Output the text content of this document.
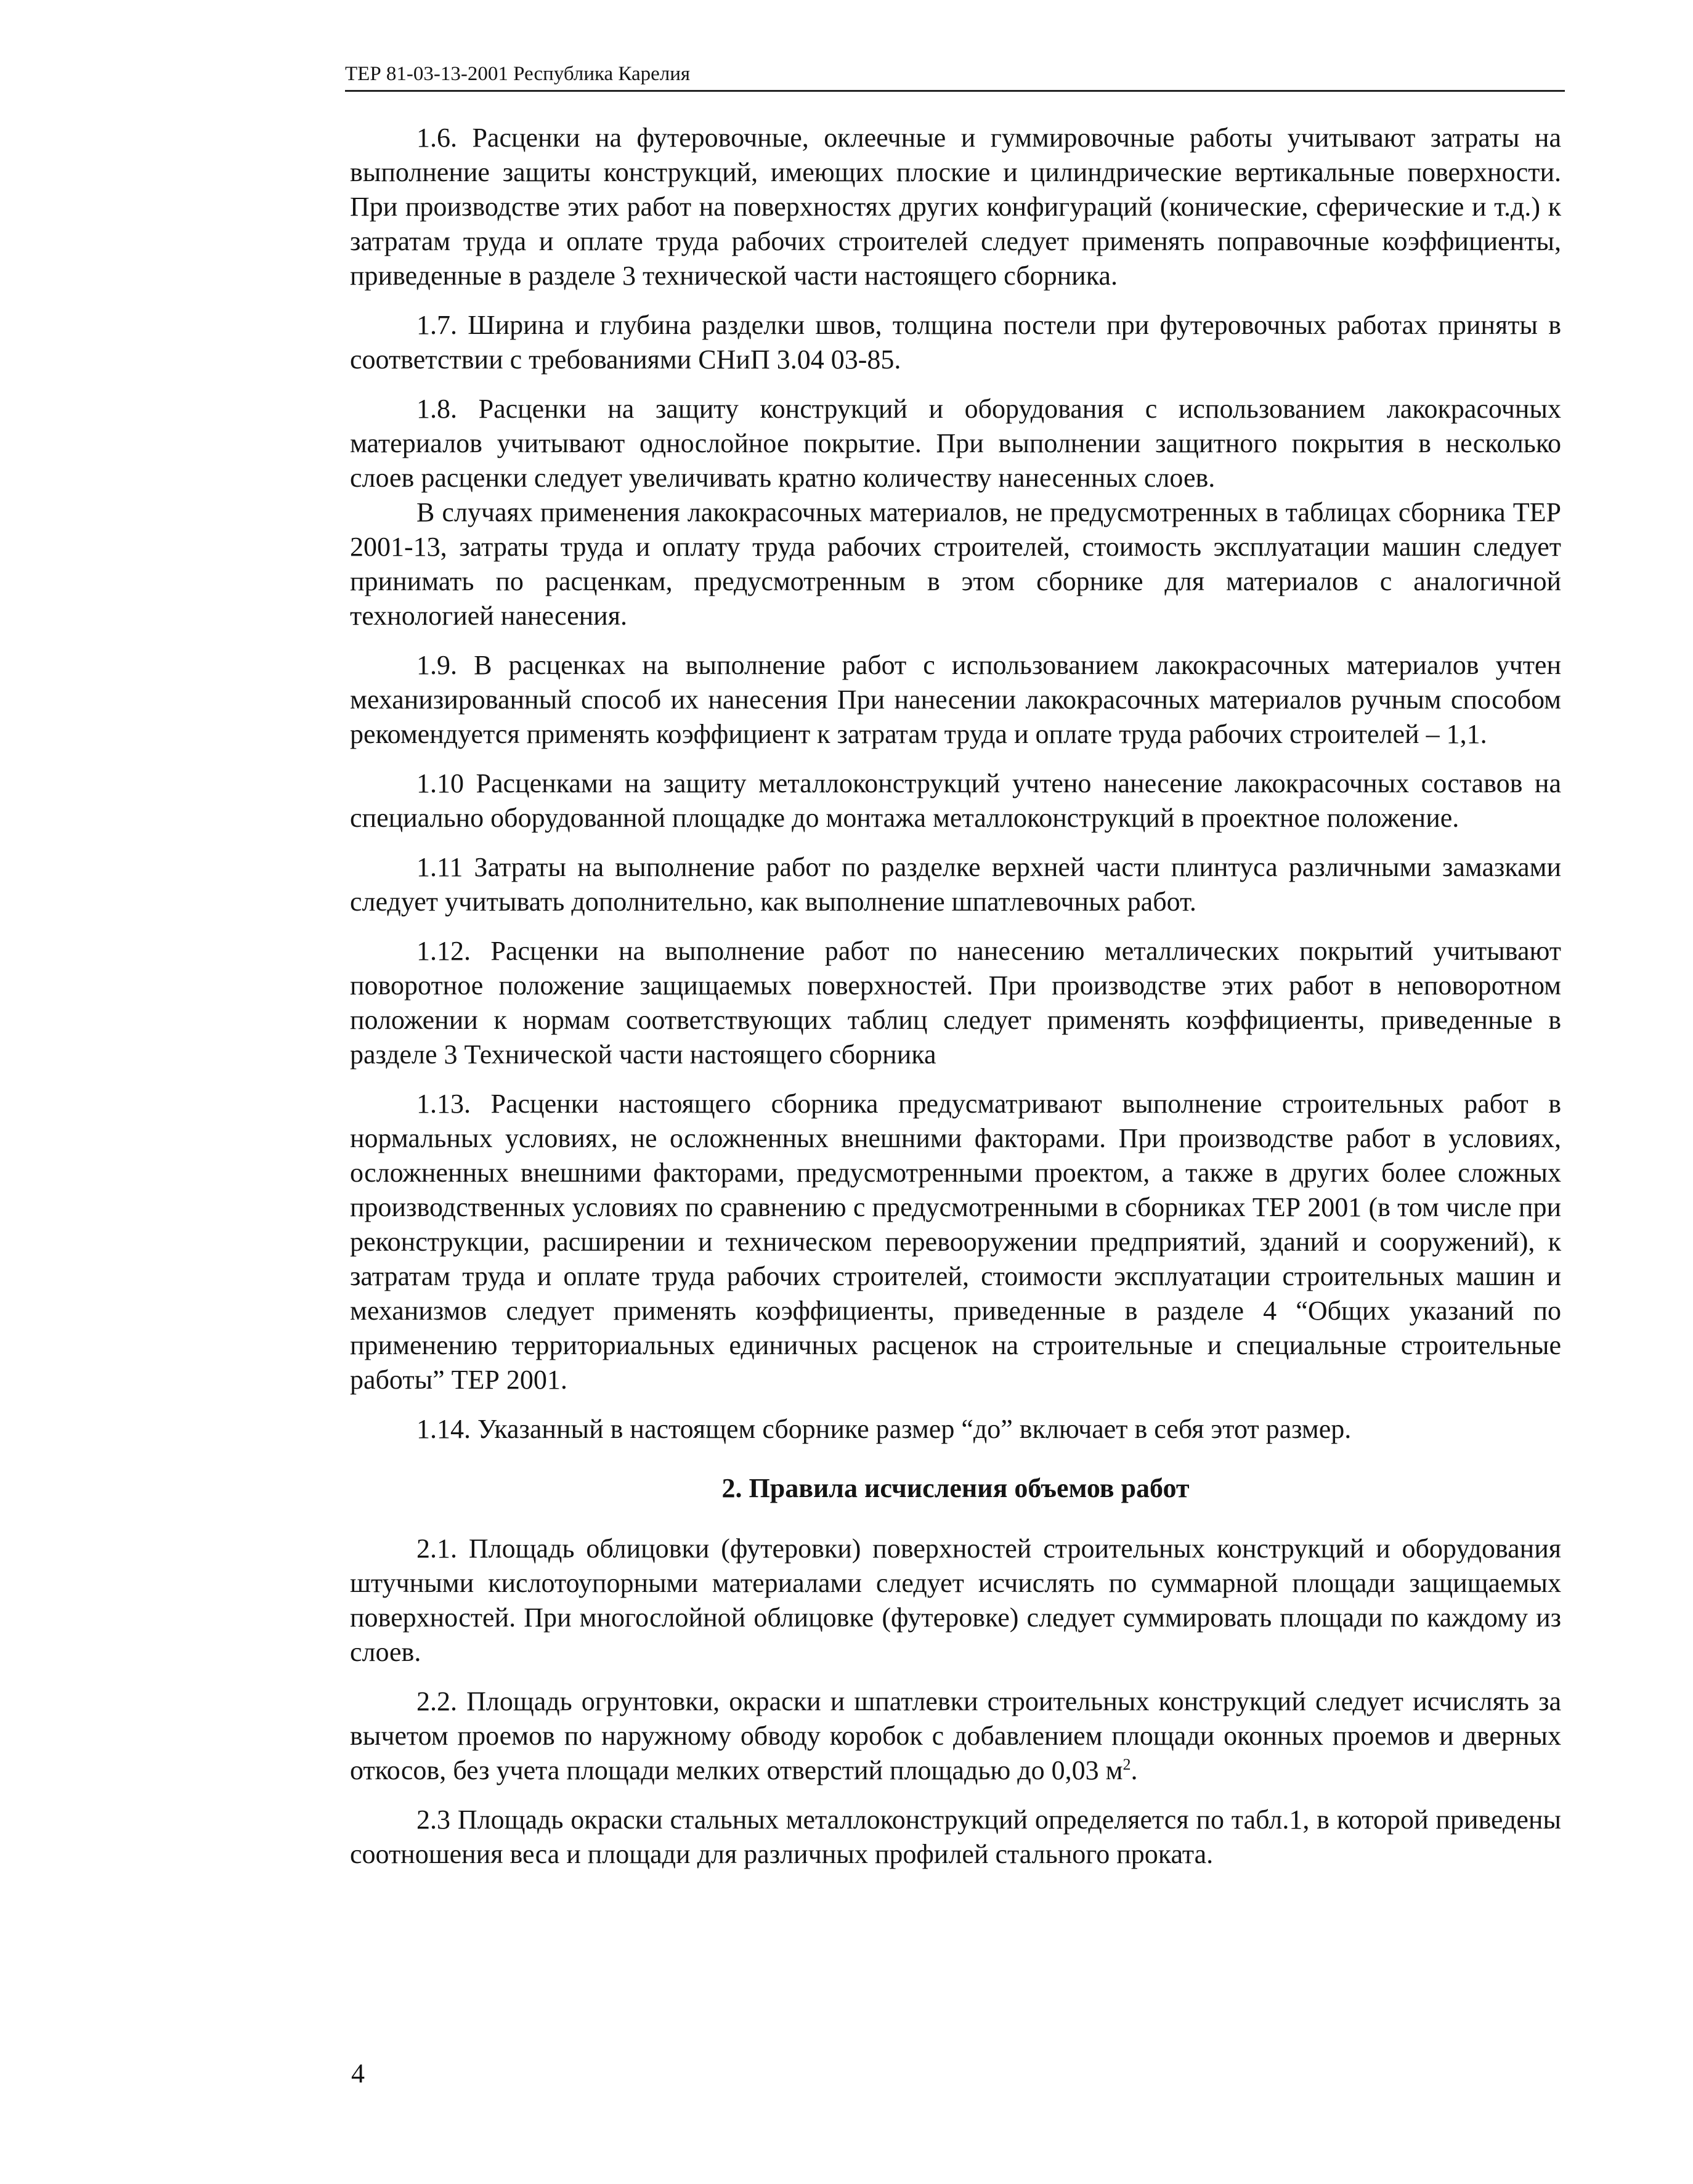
ТЕР 81-03-13-2001 Республика Карелия

1.6. Расценки на футеровочные, оклеечные и гуммировочные работы учитывают затраты на выполнение защиты конструкций, имеющих плоские и цилиндрические вертикальные поверхности. При производстве этих работ на поверхностях других конфигураций (конические, сферические и т.д.) к затратам труда и оплате труда рабочих строителей следует применять поправочные коэффициенты, приведенные в разделе 3 технической части настоящего сборника.

1.7. Ширина и глубина разделки швов, толщина постели при футеровочных работах приняты в соответствии с требованиями СНиП 3.04 03-85.

1.8. Расценки на защиту конструкций и оборудования с использованием лакокрасочных материалов учитывают однослойное покрытие. При выполнении защитного покрытия в несколько слоев расценки следует увеличивать кратно количеству нанесенных слоев.

В случаях применения лакокрасочных материалов, не предусмотренных в таблицах сборника ТЕР 2001-13, затраты труда и оплату труда рабочих строителей, стоимость эксплуатации машин следует принимать по расценкам, предусмотренным в этом сборнике для материалов с аналогичной технологией нанесения.

1.9. В расценках на выполнение работ с использованием лакокрасочных материалов учтен механизированный способ их нанесения При нанесении лакокрасочных материалов ручным способом рекомендуется применять коэффициент к затратам труда и оплате труда рабочих строителей – 1,1.

1.10 Расценками на защиту металлоконструкций учтено нанесение лакокрасочных составов на специально оборудованной площадке до монтажа металлоконструкций в проектное положение.

1.11 Затраты на выполнение работ по разделке верхней части плинтуса различными замазками следует учитывать дополнительно, как выполнение шпатлевочных работ.

1.12. Расценки на выполнение работ по нанесению металлических покрытий учитывают поворотное положение защищаемых поверхностей. При производстве этих работ в неповоротном положении к нормам соответствующих таблиц следует применять коэффициенты, приведенные в разделе 3 Технической части настоящего сборника

1.13. Расценки настоящего сборника предусматривают выполнение строительных работ в нормальных условиях, не осложненных внешними факторами. При производстве работ в условиях, осложненных внешними факторами, предусмотренными проектом, а также в других более сложных производственных условиях по сравнению с предусмотренными в сборниках ТЕР 2001 (в том числе при реконструкции, расширении и техническом перевооружении предприятий, зданий и сооружений), к затратам труда и оплате труда рабочих строителей, стоимости эксплуатации строительных машин и механизмов следует применять коэффициенты, приведенные в разделе 4 “Общих указаний по применению территориальных единичных расценок на строительные и специальные строительные работы” ТЕР 2001.

1.14. Указанный в настоящем сборнике размер “до” включает в себя этот размер.

2. Правила исчисления объемов работ

2.1. Площадь облицовки (футеровки) поверхностей строительных конструкций и оборудования штучными кислотоупорными материалами следует исчислять по суммарной площади защищаемых поверхностей. При многослойной облицовке (футеровке) следует суммировать площади по каждому из слоев.

2.2. Площадь огрунтовки, окраски и шпатлевки строительных конструкций следует исчислять за вычетом проемов по наружному обводу коробок с добавлением площади оконных проемов и дверных откосов, без учета площади мелких отверстий площадью до 0,03 $м^2$.

2.3 Площадь окраски стальных металлоконструкций определяется по табл.1, в которой приведены соотношения веса и площади для различных профилей стального проката.

4
